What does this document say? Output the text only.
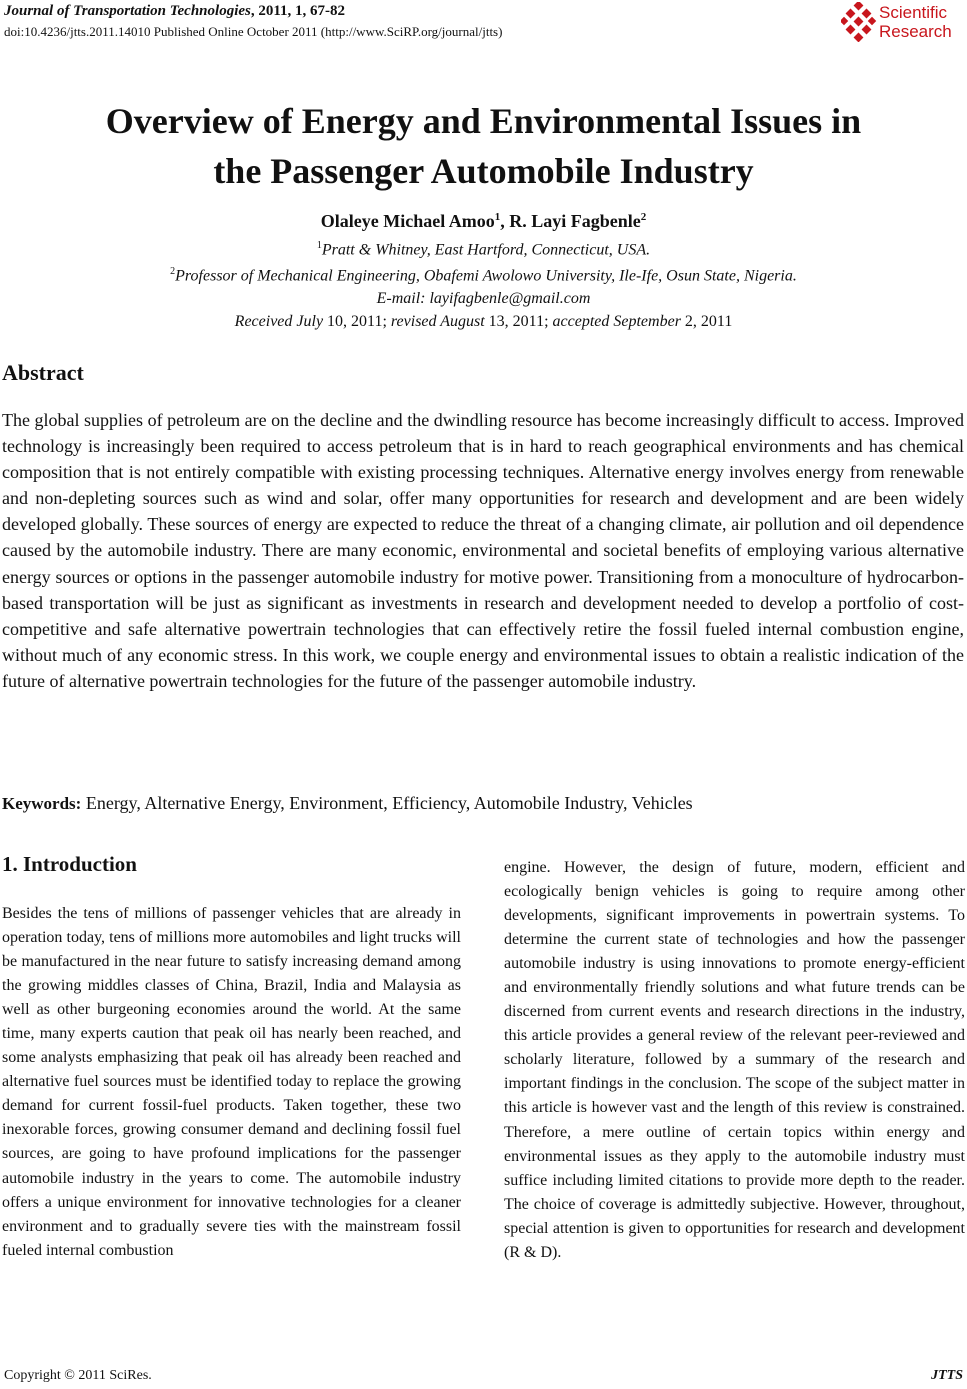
Journal of Transportation Technologies, 2011, 1, 67-82
doi:10.4236/jtts.2011.14010 Published Online October 2011 (http://www.SciRP.org/journal/jtts)
Scientific
Research
Overview of Energy and Environmental Issues in
the Passenger Automobile Industry
Olaleye Michael Amoo$^1$, R. Layi Fagbenle$^2$
$^1$Pratt & Whitney, East Hartford, Connecticut, USA.
$^2$Professor of Mechanical Engineering, Obafemi Awolowo University, Ile-Ife, Osun State, Nigeria.
E-mail: layifagbenle@gmail.com
Received July 10, 2011; revised August 13, 2011; accepted September 2, 2011
Abstract

The global supplies of petroleum are on the decline and the dwindling resource has become increasingly difficult to access. Improved technology is increasingly been required to access petroleum that is in hard to reach geographical environments and has chemical composition that is not entirely compatible with existing processing techniques. Alternative energy involves energy from renewable and non-depleting sources such as wind and solar, offer many opportunities for research and development and are been widely developed globally. These sources of energy are expected to reduce the threat of a changing climate, air pollution and oil dependence caused by the automobile industry. There are many economic, environmental and societal benefits of employing various alternative energy sources or options in the passenger automobile industry for motive power. Transitioning from a monoculture of hydrocarbon-based transportation will be just as significant as investments in research and development needed to develop a portfolio of cost-competitive and safe alternative powertrain technologies that can effectively retire the fossil fueled internal combustion engine, without much of any economic stress. In this work, we couple energy and environmental issues to obtain a realistic indication of the future of alternative powertrain technologies for the future of the passenger automobile industry.

Keywords: Energy, Alternative Energy, Environment, Efficiency, Automobile Industry, Vehicles
1. Introduction

Besides the tens of millions of passenger vehicles that are already in operation today, tens of millions more automobiles and light trucks will be manufactured in the near future to satisfy increasing demand among the growing middles classes of China, Brazil, India and Malaysia as well as other burgeoning economies around the world. At the same time, many experts caution that peak oil has nearly been reached, and some analysts emphasizing that peak oil has already been reached and alternative fuel sources must be identified today to replace the growing demand for current fossil-fuel products. Taken together, these two inexorable forces, growing consumer demand and declining fossil fuel sources, are going to have profound implications for the passenger automobile industry in the years to come. The automobile industry offers a unique environment for innovative technologies for a cleaner environment and to gradually severe ties with the mainstream fossil fueled internal combustion

engine. However, the design of future, modern, efficient and ecologically benign vehicles is going to require among other developments, significant improvements in powertrain systems. To determine the current state of technologies and how the passenger automobile industry is using innovations to promote energy-efficient and environmentally friendly solutions and what future trends can be discerned from current events and research directions in the industry, this article provides a general review of the relevant peer-reviewed and scholarly literature, followed by a summary of the research and important findings in the conclusion. The scope of the subject matter in this article is however vast and the length of this review is constrained. Therefore, a mere outline of certain topics within energy and environmental issues as they apply to the automobile industry must suffice including limited citations to provide more depth to the reader. The choice of coverage is admittedly subjective. However, throughout, special attention is given to opportunities for research and development (R & D).

Copyright © 2011 SciRes.	JTTS
